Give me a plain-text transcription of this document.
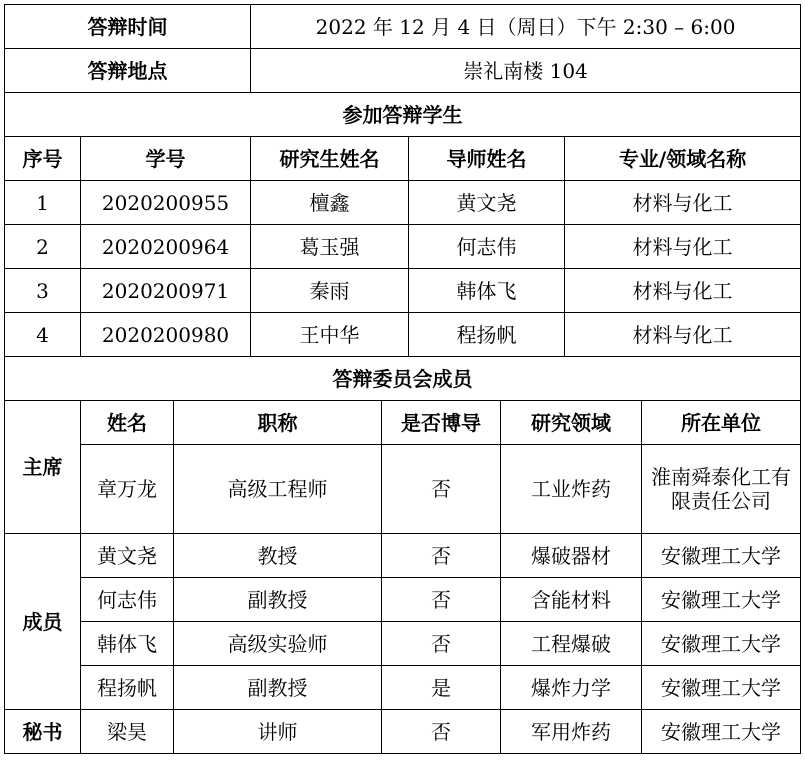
答辩时间			2022 年 12 月 4 日（周日）下午 2:30 – 6:00					
答辩地点			崇礼南楼 104					
参加答辩学生								
序号	学号		研究生姓名		导师姓名		专业/领域名称	
1	2020200955		檀鑫		黄文尧		材料与化工	
2	2020200964		葛玉强		何志伟		材料与化工	
3	2020200971		秦雨		韩体飞		材料与化工	
4	2020200980		王中华		程扬帆		材料与化工	
答辩委员会成员								
主席	姓名	职称		是否博导		研究领域		所在单位
	章万龙	高级工程师		否		工业炸药		淮南舜泰化工有限责任公司
成员	黄文尧	教授		否		爆破器材		安徽理工大学
	何志伟	副教授		否		含能材料		安徽理工大学
	韩体飞	高级实验师		否		工程爆破		安徽理工大学
	程扬帆	副教授		是		爆炸力学		安徽理工大学
秘书	梁昊	讲师		否		军用炸药		安徽理工大学
